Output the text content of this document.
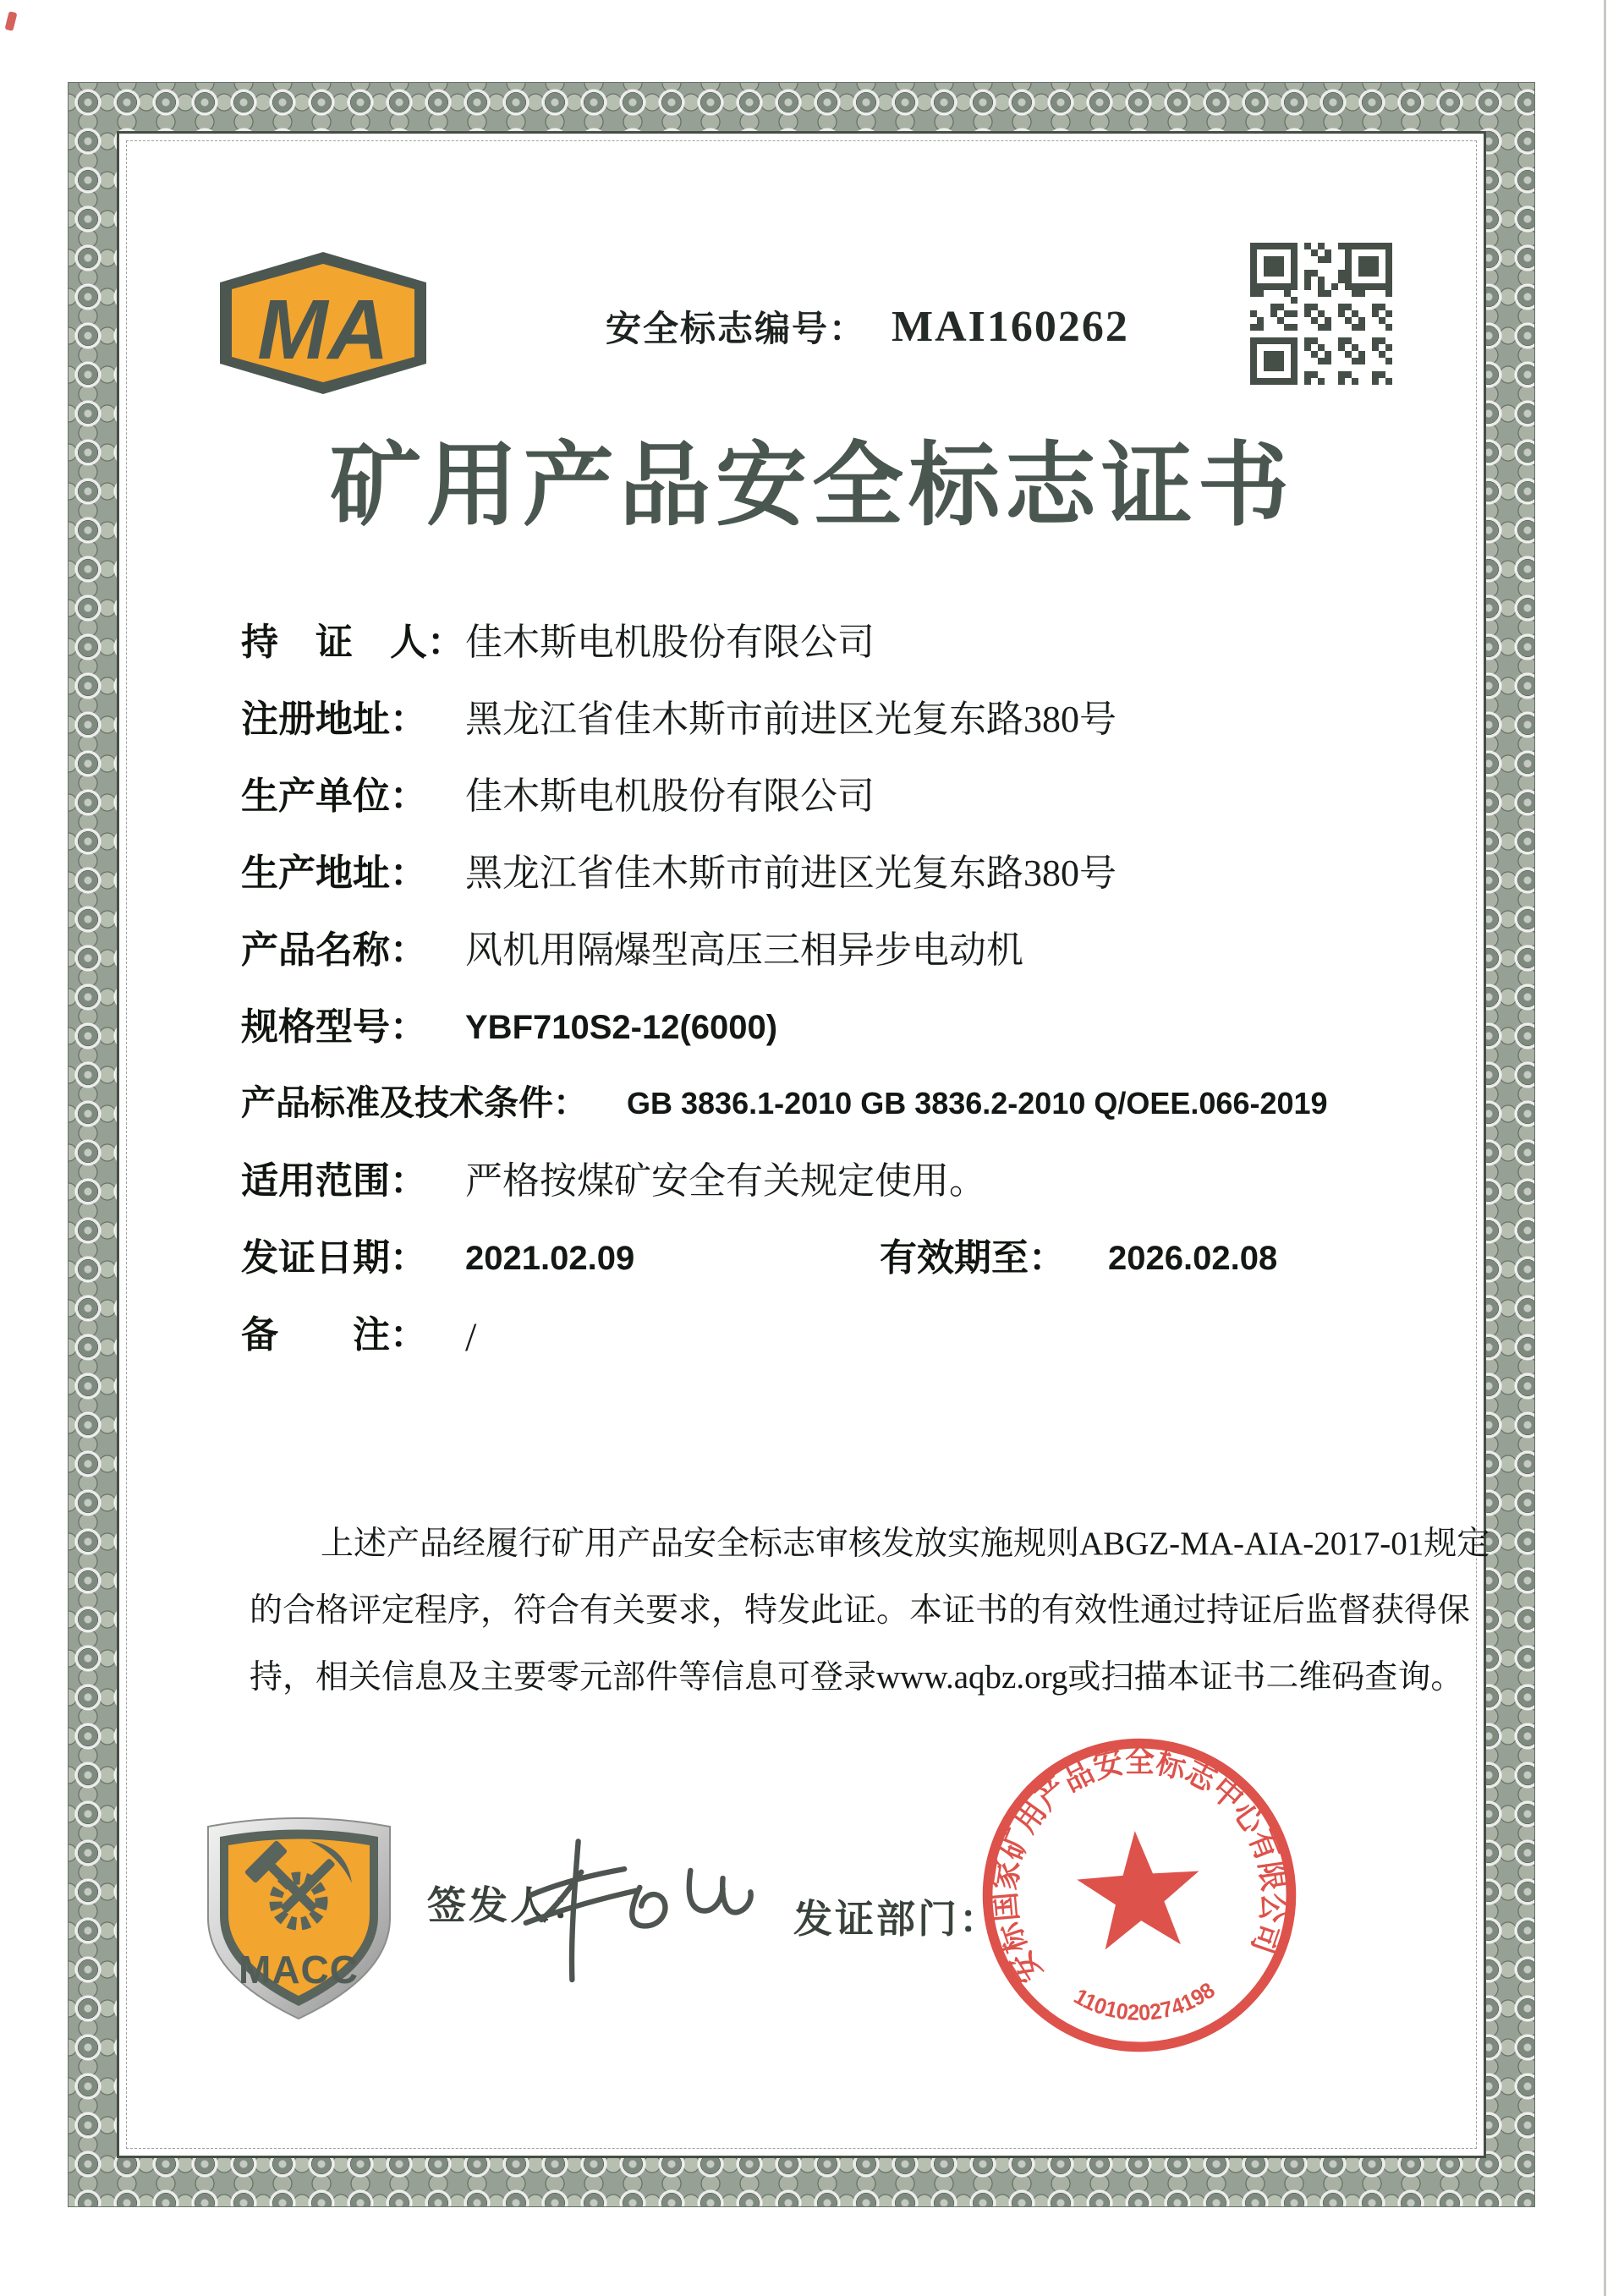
MA	安全标志编号： MAI160262
矿用产品安全标志证书
持　证　人： 佳木斯电机股份有限公司
注册地址：	黑龙江省佳木斯市前进区光复东路380号
生产单位：	佳木斯电机股份有限公司
生产地址：	黑龙江省佳木斯市前进区光复东路380号
产品名称：	风机用隔爆型高压三相异步电动机
规格型号：	YBF710S2-12(6000)
产品标准及技术条件： GB 3836.1-2010 GB 3836.2-2010 Q/OEE.066-2019
适用范围：	严格按煤矿安全有关规定使用。
发证日期：	2021.02.09	有效期至： 2026.02.08
备　　注： /
上述产品经履行矿用产品安全标志审核发放实施规则ABGZ-MA-AIA-2017-01规定
的合格评定程序，符合有关要求，特发此证。本证书的有效性通过持证后监督获得保
持，相关信息及主要零元部件等信息可登录www.aqbz.org或扫描本证书二维码查询。
MACC
签发人：	发证部门：
安标国家矿用产品安全标志中心有限公司
1101020274198
